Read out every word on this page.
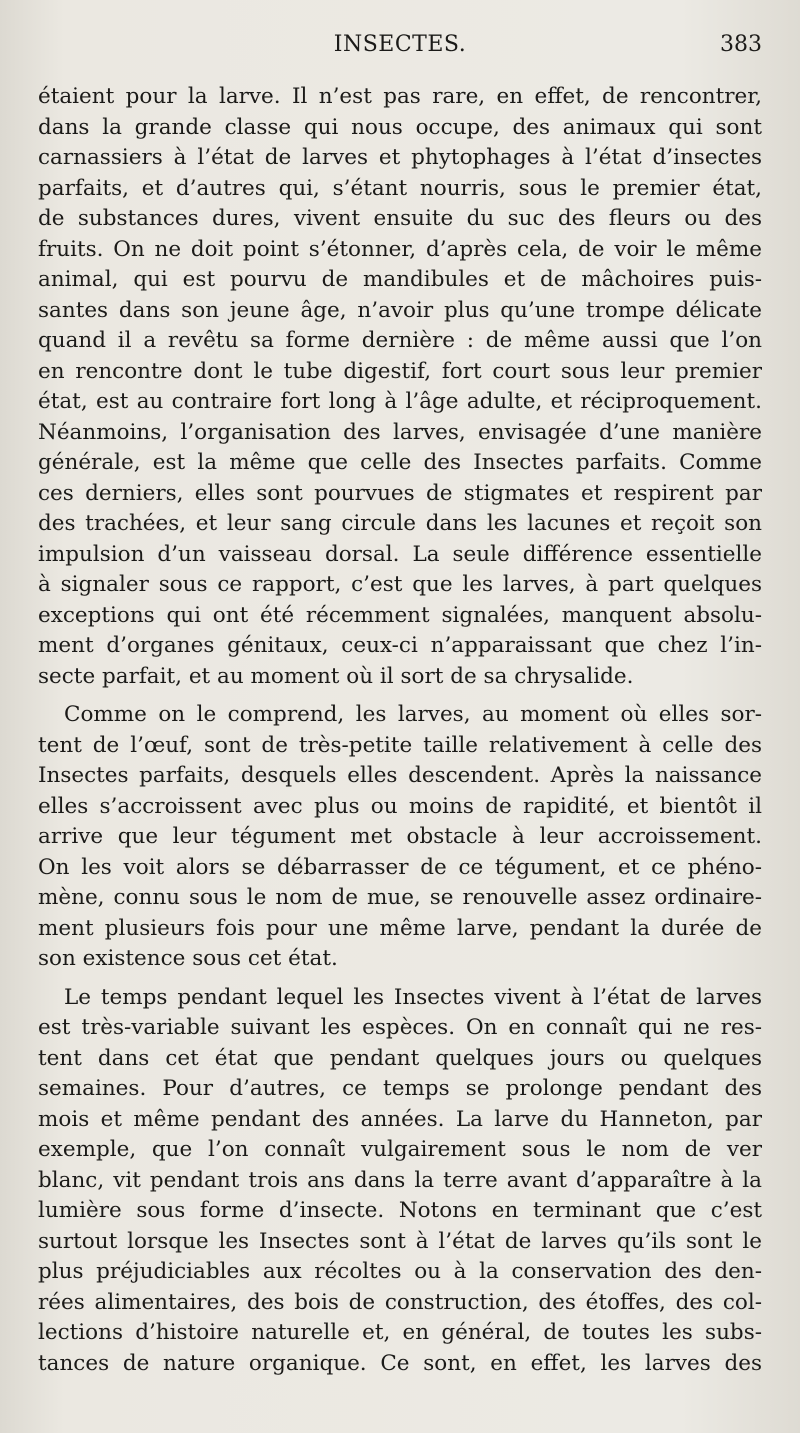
INSECTES.	383
étaient pour la larve. Il n’est pas rare, en effet, de rencontrer,
dans la grande classe qui nous occupe, des animaux qui sont
carnassiers à l’état de larves et phytophages à l’état d’insectes
parfaits, et d’autres qui, s’étant nourris, sous le premier état,
de substances dures, vivent ensuite du suc des fleurs ou des
fruits. On ne doit point s’étonner, d’après cela, de voir le même
animal, qui est pourvu de mandibules et de mâchoires puis-
santes dans son jeune âge, n’avoir plus qu’une trompe délicate
quand il a revêtu sa forme dernière : de même aussi que l’on
en rencontre dont le tube digestif, fort court sous leur premier
état, est au contraire fort long à l’âge adulte, et réciproquement.
Néanmoins, l’organisation des larves, envisagée d’une manière
générale, est la même que celle des Insectes parfaits. Comme
ces derniers, elles sont pourvues de stigmates et respirent par
des trachées, et leur sang circule dans les lacunes et reçoit son
impulsion d’un vaisseau dorsal. La seule différence essentielle
à signaler sous ce rapport, c’est que les larves, à part quelques
exceptions qui ont été récemment signalées, manquent absolu-
ment d’organes génitaux, ceux-ci n’apparaissant que chez l’in-
secte parfait, et au moment où il sort de sa chrysalide.
Comme on le comprend, les larves, au moment où elles sor-
tent de l’œuf, sont de très-petite taille relativement à celle des
Insectes parfaits, desquels elles descendent. Après la naissance
elles s’accroissent avec plus ou moins de rapidité, et bientôt il
arrive que leur tégument met obstacle à leur accroissement.
On les voit alors se débarrasser de ce tégument, et ce phéno-
mène, connu sous le nom de mue, se renouvelle assez ordinaire-
ment plusieurs fois pour une même larve, pendant la durée de
son existence sous cet état.
Le temps pendant lequel les Insectes vivent à l’état de larves
est très-variable suivant les espèces. On en connaît qui ne res-
tent dans cet état que pendant quelques jours ou quelques
semaines. Pour d’autres, ce temps se prolonge pendant des
mois et même pendant des années. La larve du Hanneton, par
exemple, que l’on connaît vulgairement sous le nom de ver
blanc, vit pendant trois ans dans la terre avant d’apparaître à la
lumière sous forme d’insecte. Notons en terminant que c’est
surtout lorsque les Insectes sont à l’état de larves qu’ils sont le
plus préjudiciables aux récoltes ou à la conservation des den-
rées alimentaires, des bois de construction, des étoffes, des col-
lections d’histoire naturelle et, en général, de toutes les subs-
tances de nature organique. Ce sont, en effet, les larves des
